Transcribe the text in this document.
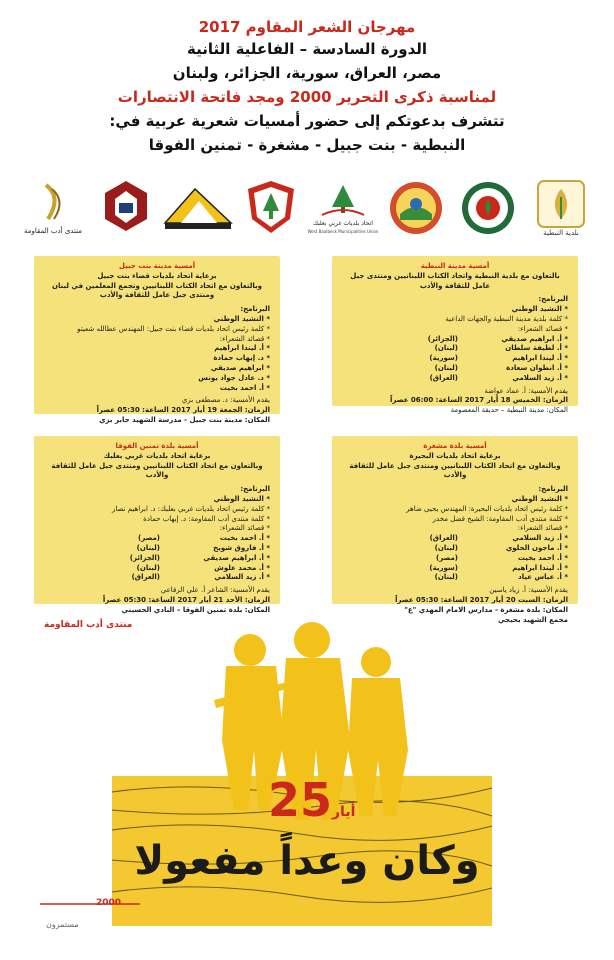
مهرجان الشعر المقاوم 2017
الدورة السادسة – الفاعلية الثانية
مصر، العراق، سورية، الجزائر، ولبنان
لمناسبة ذكرى التحرير 2000 ومجد فاتحة الانتصارات
تتشرف بدعوتكم إلى حضور أمسيات شعرية عربية في:
النبطية - بنت جبيل - مشغرة - تمنين الفوقا
بلدية النبطية
اتحاد بلديات غربي بعلبك
West Baalbeck Municipalities Union
منتدى أدب المقاومة

أمسية مدينة النبطية

بالتعاون مع بلدية النبطية واتحاد الكتاب اللبنانيين ومنتدى جبل عامل للثقافة والأدب

البرنامج:

* النشيد الوطني

* كلمة بلدية مدينة النبطية والجهات الداعية

* قصائد الشعراء:

* أ. ابراهيم صديقي
(الجزائر)
* أ. لطيفة سلطان
(لبنان)
* أ. ليندا ابراهيم
(سورية)
* أ. انطوان سعادة
(لبنان)
* أ. زيد السلامي
(العراق)

يقدم الأمسية: أ. عماد عواضة

الزمان: الخميس 18 أيار 2017 الساعة: 06:00 عصراً

المكان: مدينة النبطية – حديقة المعصومة

أمسية مدينة بنت جبيل

برعاية اتحاد بلديات قضاء بنت جبيل

وبالتعاون مع اتحاد الكتاب اللبنانيين وتجمع المعلمين في لبنان ومنتدى جبل عامل للثقافة والأدب

البرنامج:

* النشيد الوطني

* كلمة رئيس اتحاد بلديات قضاء بنت جبيل: المهندس عطالله شعيتو

* قصائد الشعراء:

* أ. ليندا ابراهيم
* د. إيهاب حمادة
* ابراهيم صديقي
* د. عادل جواد يونس
* أ. احمد بخيت

يقدم الأمسية: د. مصطفى بزي

الزمان: الجمعة 19 أيار 2017 الساعة: 05:30 عصراً

المكان: مدينة بنت جبيل - مدرسة الشهيد جابر بزي

أمسية بلدة مشغرة

برعاية اتحاد بلديات البحيرة

وبالتعاون مع اتحاد الكتاب اللبنانيين ومنتدى جبل عامل للثقافة والأدب

البرنامج:

* النشيد الوطني

* كلمة رئيس اتحاد بلديات البحيرة: المهندس يحيى ضاهر

* كلمة منتدى أدب المقاومة: الشيخ فضل مخدر

* قصائد الشعراء:

* أ. زيد السلامي
(العراق)
* أ. ماجون الحلوي
(لبنان)
* أ. احمد بخيت
(مصر)
* أ. ليندا ابراهيم
(سورية)
* أ. عباس عياد
(لبنان)

يقدم الأمسية: أ. زياد ياسين

الزمان: السبت 20 أيار 2017 الساعة: 05:30 عصراً

المكان: بلدة مشغرة - مدارس الامام المهدي "ع"

مجمع الشهيد بحيجي

أمسية بلدة تمنين الفوقا

برعاية اتحاد بلديات غربي بعلبك

وبالتعاون مع اتحاد الكتاب اللبنانيين ومنتدى جبل عامل للثقافة والأدب

البرنامج:

* النشيد الوطني

* كلمة رئيس اتحاد بلديات غربي بعلبك: د. ابراهيم نصار

* كلمة منتدى أدب المقاومة: د. إيهاب حمادة

* قصائد الشعراء:

* أ. احمد بخيت
(مصر)
* أ. فاروق شويخ
(لبنان)
* أ. ابراهيم صديقي
(الجزائر)
* أ. محمد علوش
(لبنان)
* أ. زيد السلامي
(العراق)

يقدم الأمسية: الشاعر أ. علي الرفاعي

الزمان: الأحد 21 أيار 2017 الساعة: 05:30 عصراً

المكان: بلدة تمنين الفوقا – النادي الحسيني

منتدى أدب المقاومة
25 أيار
وكان وعداً مفعولا
2000
مستمرون
